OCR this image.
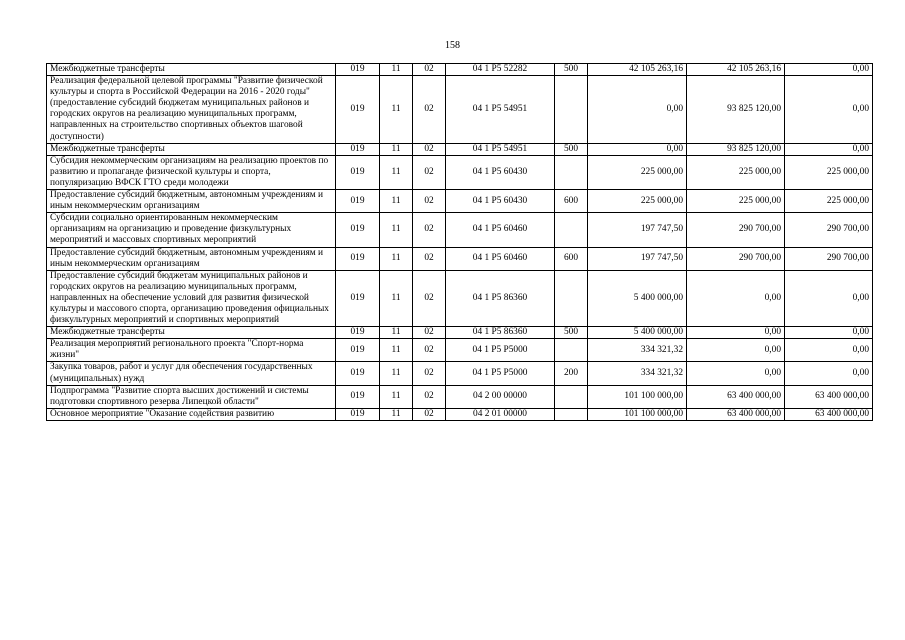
158
Межбюджетные трансферты	019	11	02	04 1 P5 52282	500	42 105 263,16	42 105 263,16	0,00
Реализация федеральной целевой программы "Развитие физической культуры и спорта в Российской Федерации на 2016 - 2020 годы" (предоставление субсидий бюджетам муниципальных районов и городских округов на реализацию муниципальных программ, направленных на строительство спортивных объектов шаговой доступности)	019	11	02	04 1 P5 54951		0,00	93 825 120,00	0,00
Межбюджетные трансферты	019	11	02	04 1 P5 54951	500	0,00	93 825 120,00	0,00
Субсидия некоммерческим организациям на реализацию проектов по развитию и пропаганде физической культуры и спорта, популяризацию ВФСК ГТО среди молодежи	019	11	02	04 1 P5 60430		225 000,00	225 000,00	225 000,00
Предоставление субсидий бюджетным, автономным учреждениям и иным некоммерческим организациям	019	11	02	04 1 P5 60430	600	225 000,00	225 000,00	225 000,00
Субсидии социально ориентированным некоммерческим организациям на организацию и проведение физкультурных мероприятий и массовых спортивных мероприятий	019	11	02	04 1 P5 60460		197 747,50	290 700,00	290 700,00
Предоставление субсидий бюджетным, автономным учреждениям и иным некоммерческим организациям	019	11	02	04 1 P5 60460	600	197 747,50	290 700,00	290 700,00
Предоставление субсидий бюджетам муниципальных районов и городских округов на реализацию муниципальных программ, направленных на обеспечение условий для развития физической культуры и массового спорта, организацию проведения официальных физкультурных мероприятий и спортивных мероприятий	019	11	02	04 1 P5 86360		5 400 000,00	0,00	0,00
Межбюджетные трансферты	019	11	02	04 1 P5 86360	500	5 400 000,00	0,00	0,00
Реализация мероприятий регионального проекта "Спорт-норма жизни"	019	11	02	04 1 P5 P5000		334 321,32	0,00	0,00
Закупка товаров, работ и услуг для обеспечения государственных (муниципальных) нужд	019	11	02	04 1 P5 P5000	200	334 321,32	0,00	0,00
Подпрограмма "Развитие спорта высших достижений и системы подготовки спортивного резерва Липецкой области"	019	11	02	04 2 00 00000		101 100 000,00	63 400 000,00	63 400 000,00
Основное мероприятие "Оказание содействия развитию	019	11	02	04 2 01 00000		101 100 000,00	63 400 000,00	63 400 000,00
